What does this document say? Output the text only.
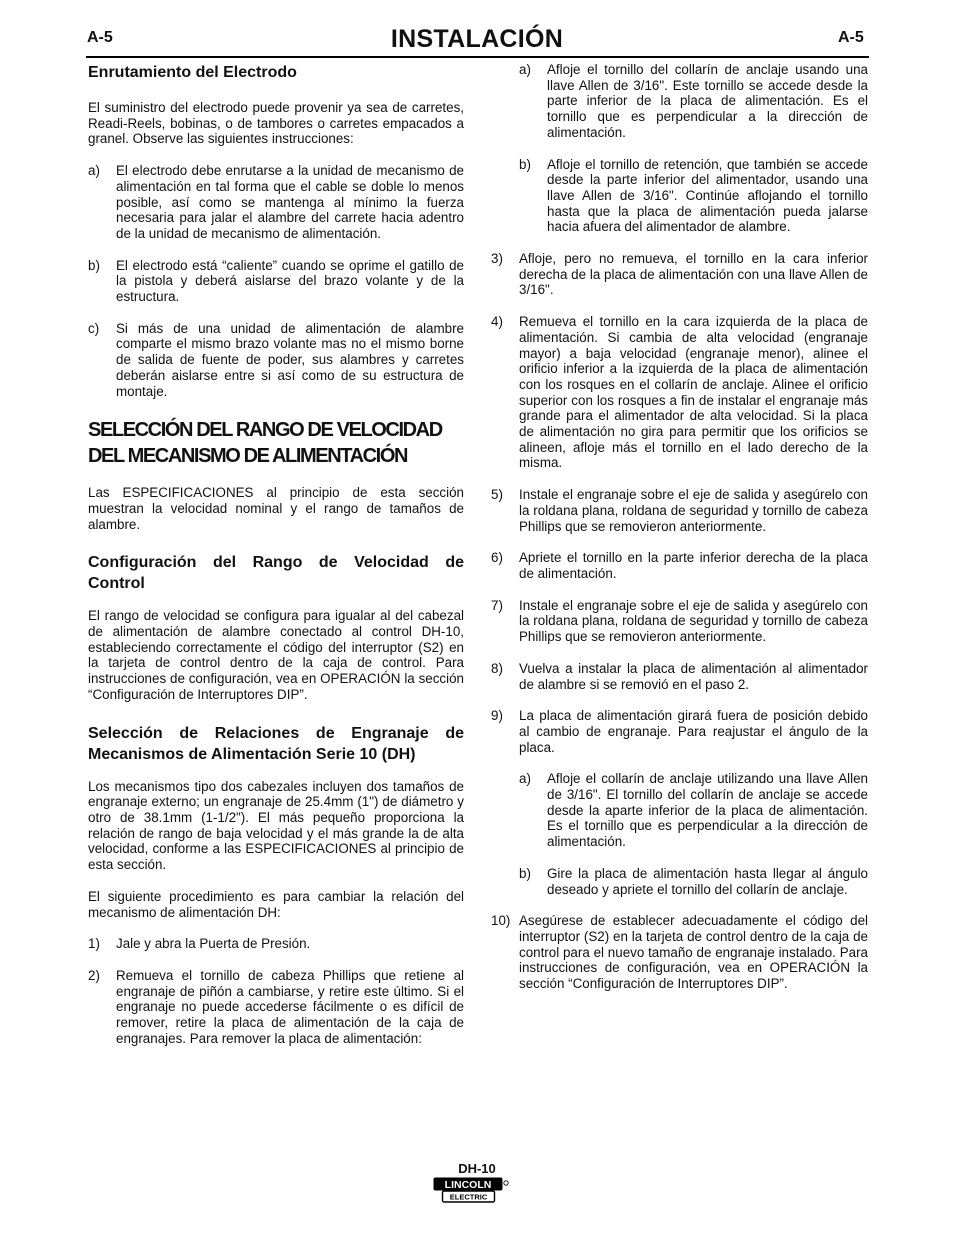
A-5	INSTALACIÓN	A-5

Enrutamiento del Electrodo

El suministro del electrodo puede provenir ya sea de carretes, Readi-Reels, bobinas, o de tambores o carretes empacados a granel. Observe las siguientes instrucciones:

a)	El electrodo debe enrutarse a la unidad de mecanismo de alimentación en tal forma que el cable se doble lo menos posible, así como se mantenga al mínimo la fuerza necesaria para jalar el alambre del carrete hacia adentro de la unidad de mecanismo de alimentación.
b)	El electrodo está “caliente” cuando se oprime el gatillo de la pistola y deberá aislarse del brazo volante y de la estructura.
c)	Si más de una unidad de alimentación de alambre comparte el mismo brazo volante mas no el mismo borne de salida de fuente de poder, sus alambres y carretes deberán aislarse entre si así como de su estructura de montaje.

SELECCIÓN DEL RANGO DE VELOCIDAD

DEL MECANISMO DE ALIMENTACIÓN

Las ESPECIFICACIONES al principio de esta sección muestran la velocidad nominal y el rango de tamaños de alambre.

Configuración del Rango de Velocidad de Control

El rango de velocidad se configura para igualar al del cabezal de alimentación de alambre conectado al control DH-10, estableciendo correctamente el código del interruptor (S2) en la tarjeta de control dentro de la caja de control. Para instrucciones de configuración, vea en OPERACIÓN la sección “Configuración de Interruptores DIP”.

Selección de Relaciones de Engranaje de Mecanismos de Alimentación Serie 10 (DH)

Los mecanismos tipo dos cabezales incluyen dos tamaños de engranaje externo; un engranaje de 25.4mm (1") de diámetro y otro de 38.1mm (1-1/2"). El más pequeño proporciona la relación de rango de baja velocidad y el más grande la de alta velocidad, conforme a las ESPECIFICACIONES al principio de esta sección.

El siguiente procedimiento es para cambiar la relación del mecanismo de alimentación DH:

1)	Jale y abra la Puerta de Presión.
2)	Remueva el tornillo de cabeza Phillips que retiene al engranaje de piñón a cambiarse, y retire este último. Si el engranaje no puede accederse fácilmente o es difícil de remover, retire la placa de alimentación de la caja de engranajes. Para remover la placa de alimentación:
a)	Afloje el tornillo del collarín de anclaje usando una llave Allen de 3/16". Este tornillo se accede desde la parte inferior de la placa de alimentación. Es el tornillo que es perpendicular a la dirección de alimentación.
b)	Afloje el tornillo de retención, que también se accede desde la parte inferior del alimentador, usando una llave Allen de 3/16". Continúe aflojando el tornillo hasta que la placa de alimentación pueda jalarse hacia afuera del alimentador de alambre.
3)	Afloje, pero no remueva, el tornillo en la cara inferior derecha de la placa de alimentación con una llave Allen de 3/16".
4)	Remueva el tornillo en la cara izquierda de la placa de alimentación. Si cambia de alta velocidad (engranaje mayor) a baja velocidad (engranaje menor), alinee el orificio inferior a la izquierda de la placa de alimentación con los rosques en el collarín de anclaje. Alinee el orificio superior con los rosques a fin de instalar el engranaje más grande para el alimentador de alta velocidad. Si la placa de alimentación no gira para permitir que los orificios se alineen, afloje más el tornillo en el lado derecho de la misma.
5)	Instale el engranaje sobre el eje de salida y asegúrelo con la roldana plana, roldana de seguridad y tornillo de cabeza Phillips que se removieron anteriormente.
6)	Apriete el tornillo en la parte inferior derecha de la placa de alimentación.
7)	Instale el engranaje sobre el eje de salida y asegúrelo con la roldana plana, roldana de seguridad y tornillo de cabeza Phillips que se removieron anteriormente.
8)	Vuelva a instalar la placa de alimentación al alimentador de alambre si se removió en el paso 2.
9)	La placa de alimentación girará fuera de posición debido al cambio de engranaje. Para reajustar el ángulo de la placa.
a)	Afloje el collarín de anclaje utilizando una llave Allen de 3/16". El tornillo del collarín de anclaje se accede desde la aparte inferior de la placa de alimentación. Es el tornillo que es perpendicular a la dirección de alimentación.
b)	Gire la placa de alimentación hasta llegar al ángulo deseado y apriete el tornillo del collarín de anclaje.
10) Asegúrese de establecer adecuadamente el código del interruptor (S2) en la tarjeta de control dentro de la caja de control para el nuevo tamaño de engranaje instalado. Para instrucciones de configuración, vea en OPERACIÓN la sección “Configuración de Interruptores DIP”.
DH-10
LINCOLN
ELECTRIC
